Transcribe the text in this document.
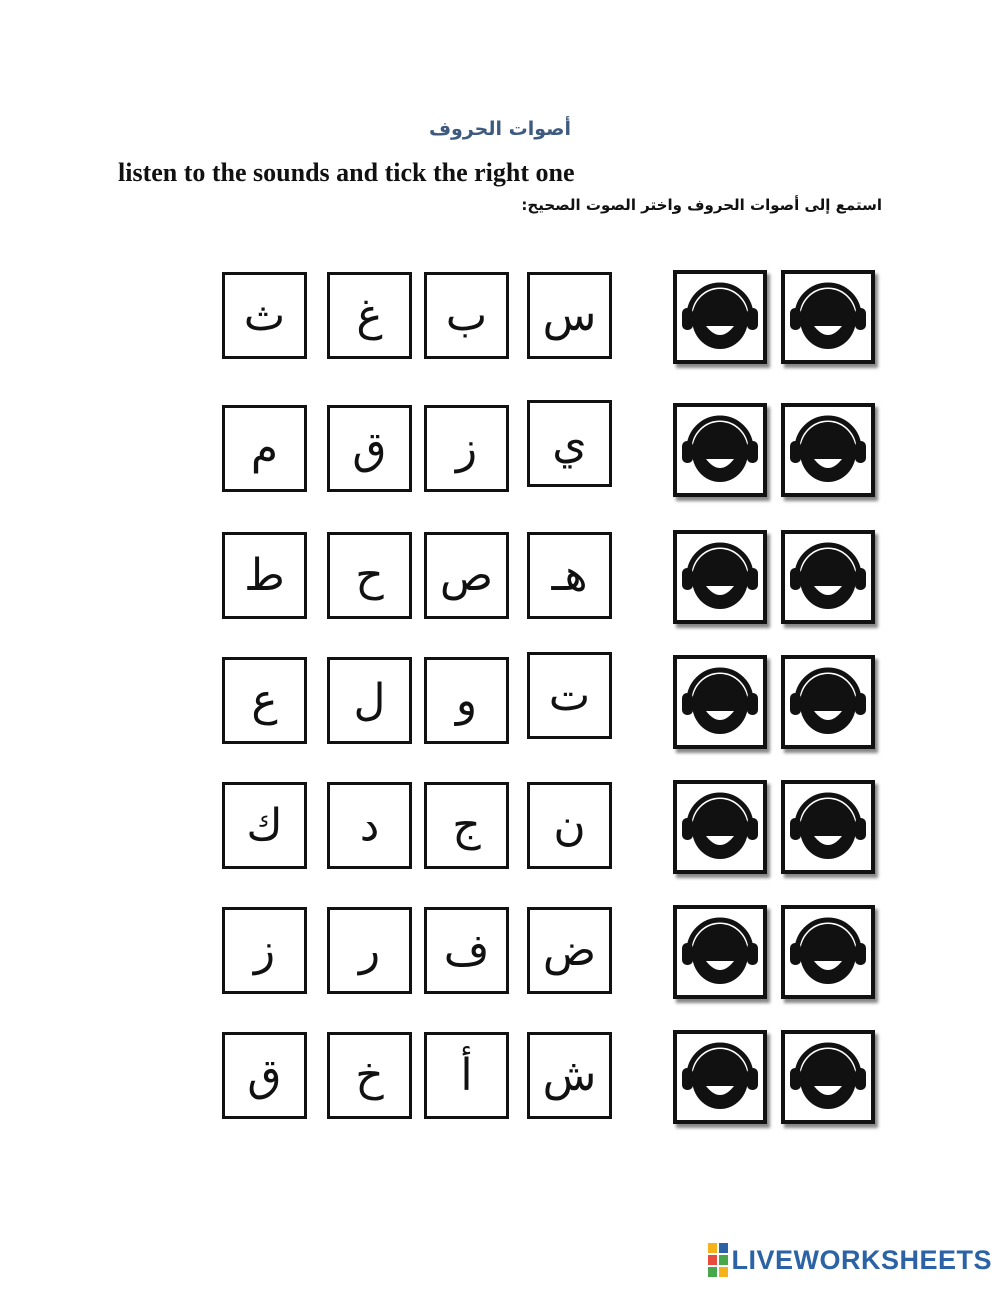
أصوات الحروف
listen to the sounds and tick the right one
استمع إلى أصوات الحروف واختر الصوت الصحيح:
ث	غ	ب	س
م	ق	ز	ي
ط	ح	ص	هـ
ع	ل	و	ت
ك	د	ج	ن
ز	ر	ف	ض
ق	خ	أ	ش
LIVEWORKSHEETS
